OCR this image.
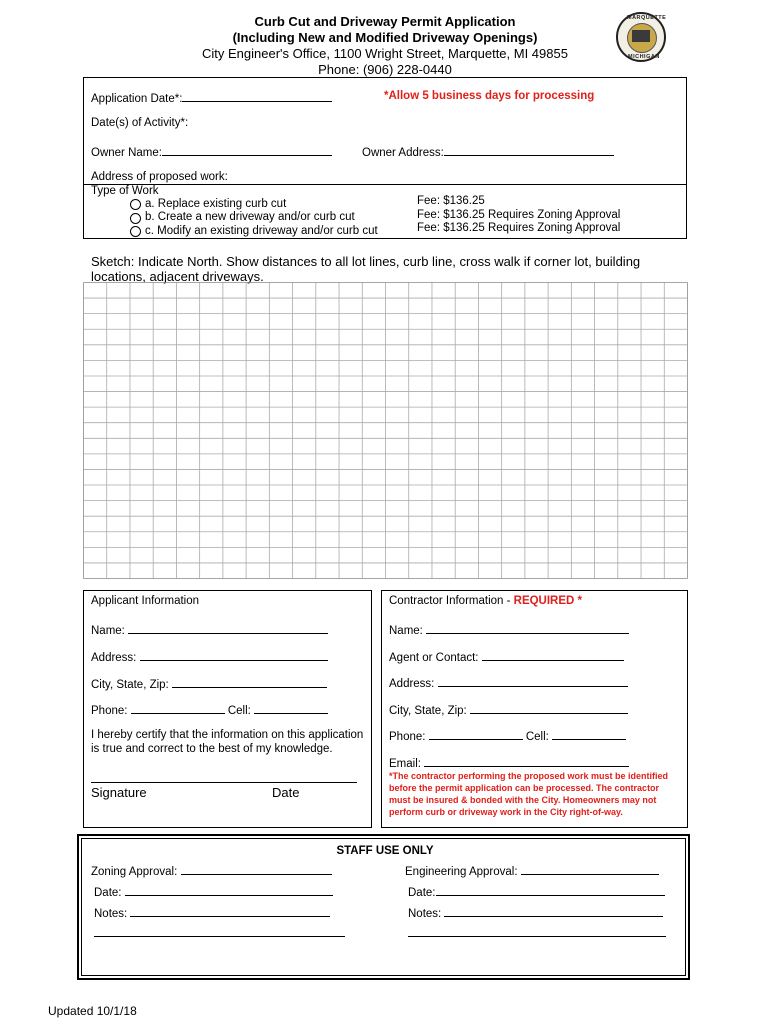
Curb Cut and Driveway Permit Application
(Including New and Modified Driveway Openings)
City Engineer's Office, 1100 Wright Street, Marquette, MI 49855
Phone: (906) 228-0440
MARQUETTE
MICHIGAN
Application Date*:	*Allow 5 business days for processing
Date(s) of Activity*:
Owner Name:	Owner Address:
Address of proposed work:
Type of Work
a. Replace existing curb cut	Fee: $136.25
b. Create a new driveway and/or curb cut	Fee: $136.25 Requires Zoning Approval
c. Modify an existing driveway and/or curb cut	Fee: $136.25 Requires Zoning Approval
Sketch: Indicate North. Show distances to all lot lines, curb line, cross walk if corner lot, building locations, adjacent driveways.
Applicant Information
Name:
Address:
City, State, Zip:
Phone:	Cell:
I hereby certify that the information on this application is true and correct to the best of my knowledge.
Signature	Date
Contractor Information - REQUIRED *
Name:
Agent or Contact:
Address:
City, State, Zip:
Phone:	Cell:
Email:
*The contractor performing the proposed work must be identified before the permit application can be processed. The contractor must be insured & bonded with the City. Homeowners may not perform curb or driveway work in the City right-of-way.
STAFF USE ONLY
Zoning Approval:	Engineering Approval:
Date:	Date:
Notes:	Notes:
Updated 10/1/18
